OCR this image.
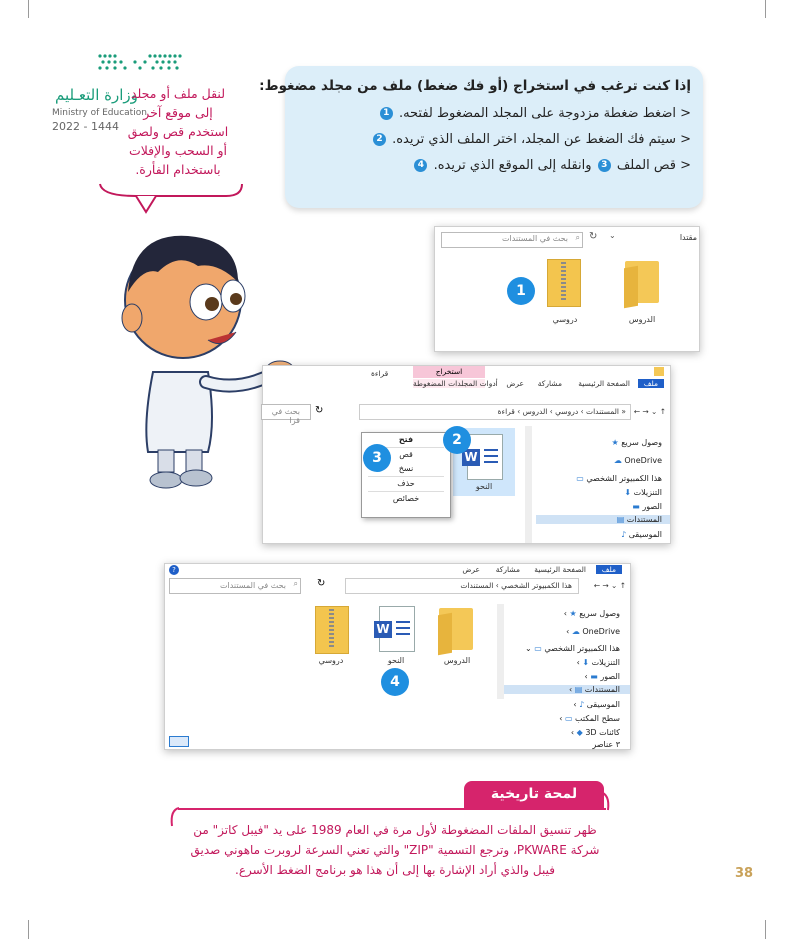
وزارة التعـليم
Ministry of Education
2022 - 1444
لنقل ملف أو مجلد
إلى موقع آخر
استخدم قص ولصق
أو السحب والإفلات
باستخدام الفأرة.
إذا كنت ترغب في استخراج (أو فك ضغط) ملف من مجلد مضغوط:
< اضغط ضغطة مزدوجة على المجلد المضغوط لفتحه. 1
< سيتم فك الضغط عن المجلد، اختر الملف الذي تريده. 2
< قص الملف 3 وانقله إلى الموقع الذي تريده. 4
بحث في المستندات ⌕ ↻ ⌄	مقتدا
دروسي	الدروس
1
استخراج
أدوات المجلدات المضغوطة
قراءة
ملف
الصفحة الرئيسية
مشاركة
عرض
« المستندات › دروسي › الدروس › قراءة ← → ⌄ ↑
↻
بحث في قرا
وصول سريع ★
OneDrive ☁
هذا الكمبيوتر الشخصي ▭
التنزيلات ⬇
الصور ▬
المستندات ▤
الموسيقى ♪
W
النحو
فتح
قص
نسخ
حذف
خصائص
2
3
?	ملف
الصفحة الرئيسية
مشاركة
عرض
هذا الكمبيوتر الشخصي › المستندات	← → ⌄ ↑
↻
بحث في المستندات ⌕
وصول سريع ★ ›
OneDrive ☁ ›
هذا الكمبيوتر الشخصي ▭ ⌄
التنزيلات ⬇ ›
الصور ▬ ›
المستندات ▤ ›
الموسيقى ♪ ›
سطح المكتب ▭ ›
كائنات 3D ◆ ›
٣ عناصر
دروسي
W
النحو	الدروس
4
لمحة تاريخية
ظهر تنسيق الملفات المضغوطة لأول مرة في العام 1989 على يد "فيبل كاتز" من
شركة PKWARE، وترجع التسمية "ZIP" والتي تعني السرعة لروبرت ماهوني صديق
فيبل والذي أراد الإشارة بها إلى أن هذا هو برنامج الضغط الأسرع.	38
